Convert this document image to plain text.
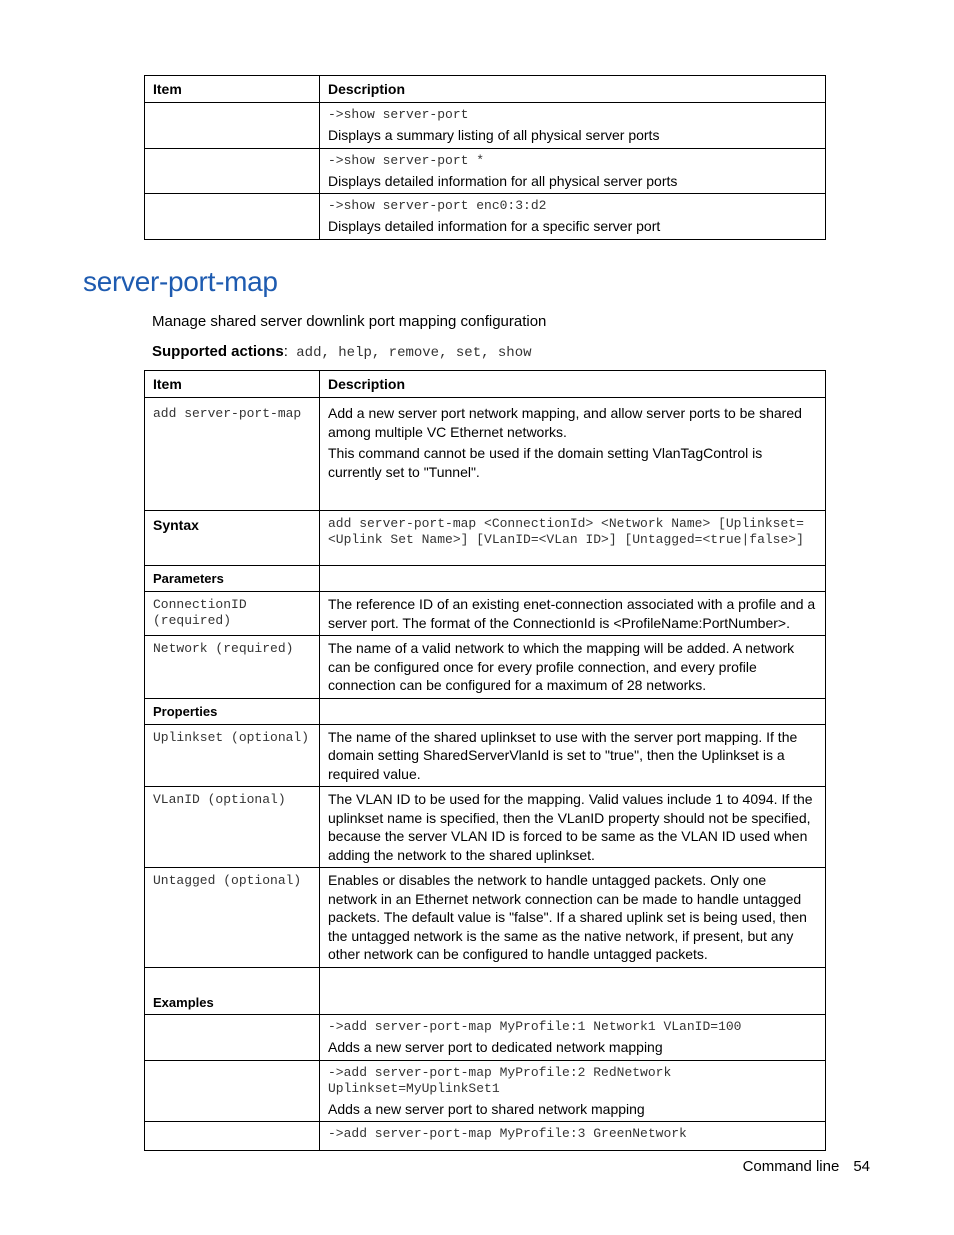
Item	Description

	->show server-port
Displays a summary listing of all physical server ports

	->show server-port *
Displays detailed information for all physical server ports

	->show server-port enc0:3:d2
Displays detailed information for a specific server port
server-port-map
Manage shared server downlink port mapping configuration
Supported actions: add, help, remove, set, show
Item	Description
add server-port-map	Add a new server port network mapping, and allow server ports to be shared among multiple VC Ethernet networks.

This command cannot be used if the domain setting VlanTagControl is currently set to "Tunnel".

Syntax	add server-port-map <ConnectionId> <Network Name> [Uplinkset=<Uplink Set Name>] [VLanID=<VLan ID>] [Untagged=<true|false>]
Parameters	
ConnectionID (required)	The reference ID of an existing enet-connection associated with a profile and a server port. The format of the ConnectionId is <ProfileName:PortNumber>.
Network (required)	The name of a valid network to which the mapping will be added. A network can be configured once for every profile connection, and every profile connection can be configured for a maximum of 28 networks.
Properties	
Uplinkset (optional)	The name of the shared uplinkset to use with the server port mapping. If the domain setting SharedServerVlanId is set to "true", then the Uplinkset is a required value.
VLanID (optional)	The VLAN ID to be used for the mapping. Valid values include 1 to 4094. If the uplinkset name is specified, then the VLanID property should not be specified, because the server VLAN ID is forced to be same as the VLAN ID used when adding the network to the shared uplinkset.
Untagged (optional)	Enables or disables the network to handle untagged packets. Only one network in an Ethernet network connection can be made to handle untagged packets. The default value is "false". If a shared uplink set is being used, then the untagged network is the same as the native network, if present, but any other network can be configured to handle untagged packets.
Examples	

	->add server-port-map MyProfile:1 Network1 VLanID=100
Adds a new server port to dedicated network mapping

	->add server-port-map MyProfile:2 RedNetwork Uplinkset=MyUplinkSet1
Adds a new server port to shared network mapping

	->add server-port-map MyProfile:3 GreenNetwork
Command line 54
